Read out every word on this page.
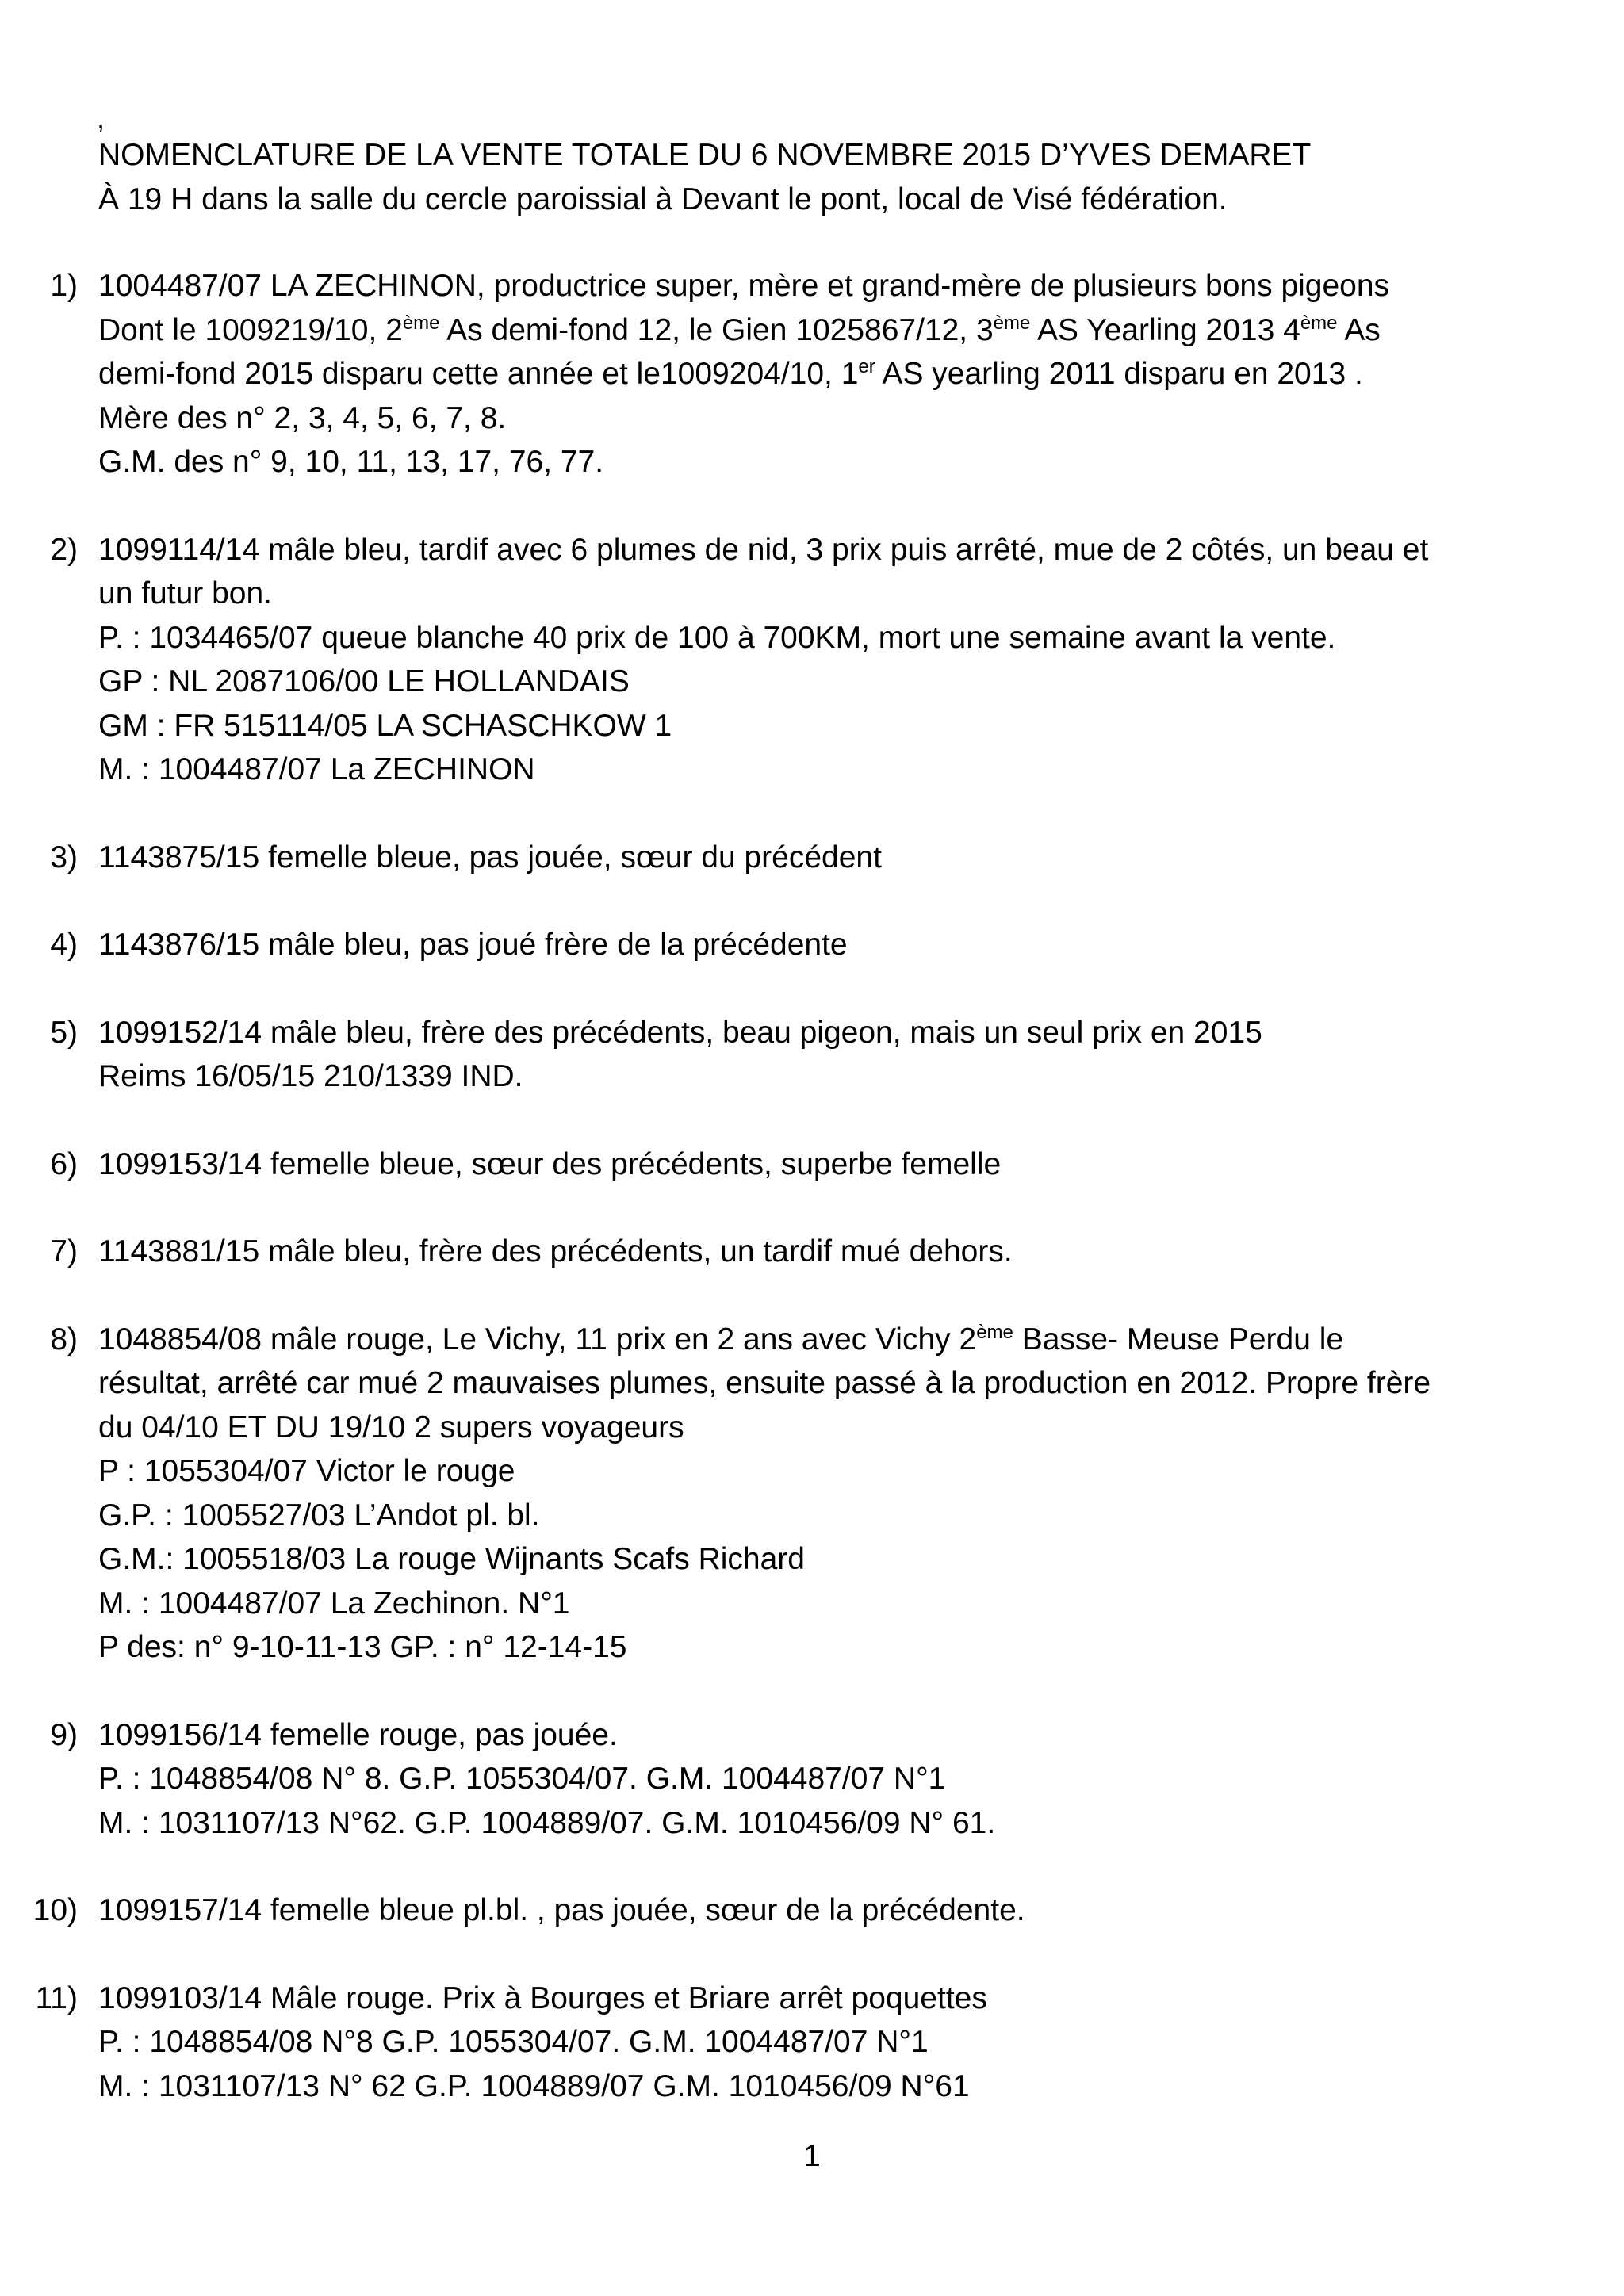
,
NOMENCLATURE DE LA VENTE TOTALE DU 6 NOVEMBRE 2015 D’YVES DEMARET
À 19 H dans la salle du cercle paroissial à Devant le pont, local de Visé fédération.
1) 1004487/07 LA ZECHINON, productrice super, mère et grand-mère de plusieurs bons pigeons
Dont le 1009219/10, 2ème As demi-fond 12, le Gien 1025867/12, 3ème AS Yearling 2013 4ème As
demi-fond 2015 disparu cette année et le1009204/10, 1er AS yearling 2011 disparu en 2013 .
Mère des n° 2, 3, 4, 5, 6, 7, 8.
G.M. des n° 9, 10, 11, 13, 17, 76, 77.
2) 1099114/14 mâle bleu, tardif avec 6 plumes de nid, 3 prix puis arrêté, mue de 2 côtés, un beau et
un futur bon.
P. : 1034465/07 queue blanche 40 prix de 100 à 700KM, mort une semaine avant la vente.
GP : NL 2087106/00 LE HOLLANDAIS
GM : FR 515114/05 LA SCHASCHKOW 1
M. : 1004487/07 La ZECHINON
3) 1143875/15 femelle bleue, pas jouée, sœur du précédent
4) 1143876/15 mâle bleu, pas joué frère de la précédente
5) 1099152/14 mâle bleu, frère des précédents, beau pigeon, mais un seul prix en 2015
Reims 16/05/15 210/1339 IND.
6) 1099153/14 femelle bleue, sœur des précédents, superbe femelle
7) 1143881/15 mâle bleu, frère des précédents, un tardif mué dehors.
8) 1048854/08 mâle rouge, Le Vichy, 11 prix en 2 ans avec Vichy 2ème Basse- Meuse Perdu le
résultat, arrêté car mué 2 mauvaises plumes, ensuite passé à la production en 2012. Propre frère
du 04/10 ET DU 19/10 2 supers voyageurs
P : 1055304/07 Victor le rouge
G.P. : 1005527/03 L’Andot pl. bl.
G.M.: 1005518/03 La rouge Wijnants Scafs Richard
M. : 1004487/07 La Zechinon. N°1
P des: n° 9-10-11-13 GP. : n° 12-14-15
9) 1099156/14 femelle rouge, pas jouée.
P. : 1048854/08 N° 8. G.P. 1055304/07. G.M. 1004487/07 N°1
M. : 1031107/13 N°62. G.P. 1004889/07. G.M. 1010456/09 N° 61.
10) 1099157/14 femelle bleue pl.bl. , pas jouée, sœur de la précédente.
11) 1099103/14 Mâle rouge. Prix à Bourges et Briare arrêt poquettes
P. : 1048854/08 N°8 G.P. 1055304/07. G.M. 1004487/07 N°1
M. : 1031107/13 N° 62 G.P. 1004889/07 G.M. 1010456/09 N°61
1
